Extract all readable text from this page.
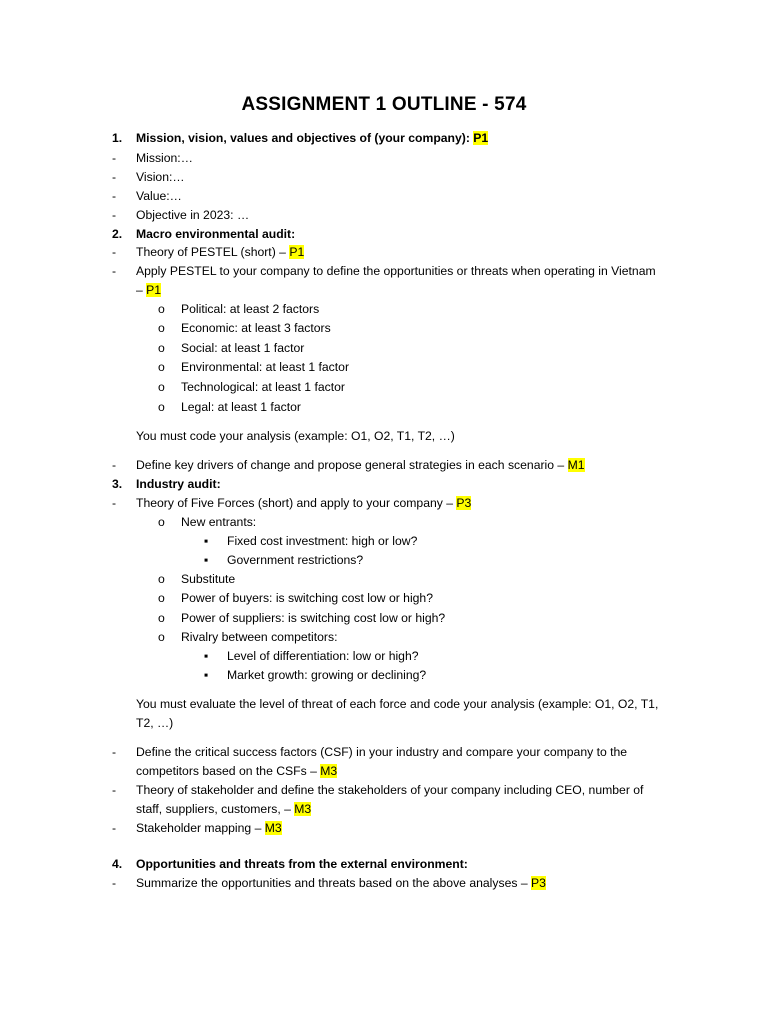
ASSIGNMENT 1 OUTLINE - 574
1. Mission, vision, values and objectives of (your company): P1
- Mission:…
- Vision:…
- Value:…
- Objective in 2023: …
2. Macro environmental audit:
- Theory of PESTEL (short) – P1
- Apply PESTEL to your company to define the opportunities or threats when operating in Vietnam
– P1
o Political: at least 2 factors
o Economic: at least 3 factors
o Social: at least 1 factor
o Environmental: at least 1 factor
o Technological: at least 1 factor
o Legal: at least 1 factor
You must code your analysis (example: O1, O2, T1, T2, …)
- Define key drivers of change and propose general strategies in each scenario – M1
3. Industry audit:
- Theory of Five Forces (short) and apply to your company – P3
o New entrants:
▪ Fixed cost investment: high or low?
▪ Government restrictions?
o Substitute
o Power of buyers: is switching cost low or high?
o Power of suppliers: is switching cost low or high?
o Rivalry between competitors:
▪ Level of differentiation: low or high?
▪ Market growth: growing or declining?
You must evaluate the level of threat of each force and code your analysis (example: O1, O2, T1,
T2, …)
- Define the critical success factors (CSF) in your industry and compare your company to the
competitors based on the CSFs – M3
- Theory of stakeholder and define the stakeholders of your company including CEO, number of
staff, suppliers, customers, – M3
- Stakeholder mapping – M3
4. Opportunities and threats from the external environment:
- Summarize the opportunities and threats based on the above analyses – P3
